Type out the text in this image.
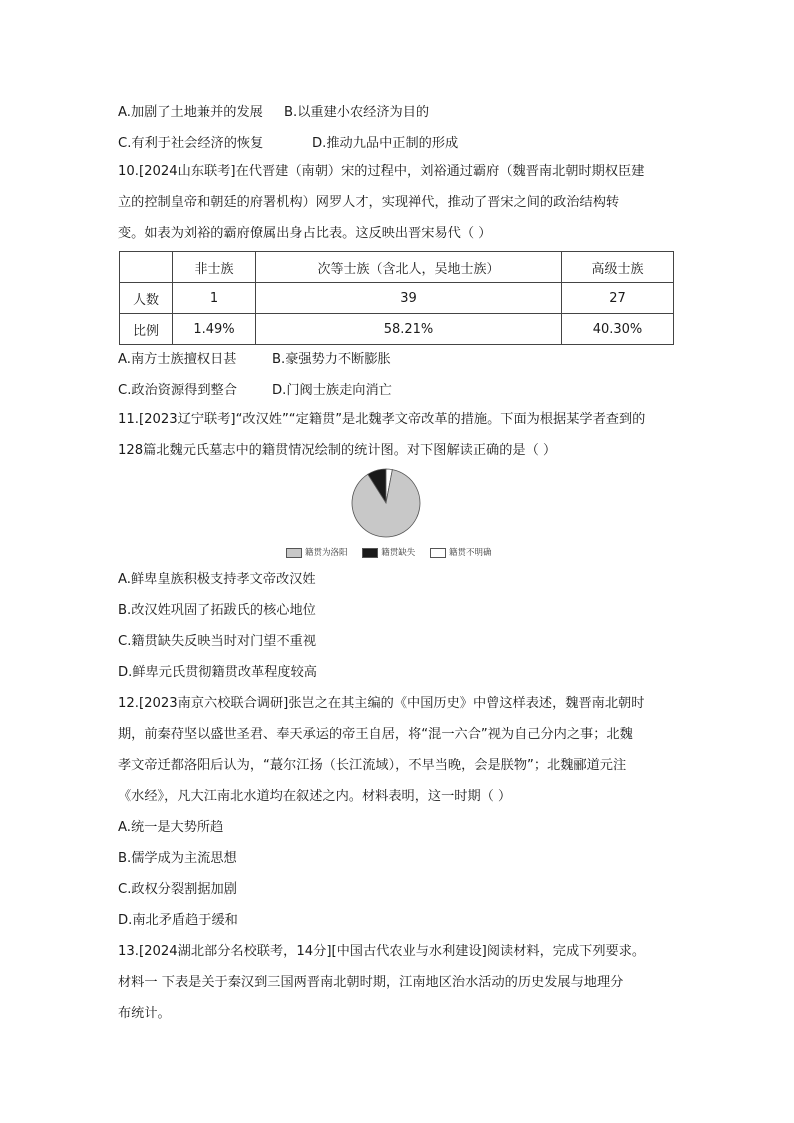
A.加剧了土地兼并的发展 B.以重建小农经济为目的
C.有利于社会经济的恢复	D.推动九品中正制的形成
10.[2024山东联考]在代晋建（南朝）宋的过程中，刘裕通过霸府（魏晋南北朝时期权臣建
立的控制皇帝和朝廷的府署机构）网罗人才，实现禅代，推动了晋宋之间的政治结构转
变。如表为刘裕的霸府僚属出身占比表。这反映出晋宋易代（ ）
	非士族	次等士族（含北人，吴地士族）	高级士族
人数	1	39	27
比例	1.49%	58.21%	40.30%
A.南方士族擅权日甚	B.豪强势力不断膨胀
C.政治资源得到整合	D.门阀士族走向消亡
11.[2023辽宁联考]“改汉姓”“定籍贯”是北魏孝文帝改革的措施。下面为根据某学者查到的
128篇北魏元氏墓志中的籍贯情况绘制的统计图。对下图解读正确的是（ ）
籍贯为洛阳	籍贯缺失	籍贯不明确
A.鲜卑皇族积极支持孝文帝改汉姓
B.改汉姓巩固了拓跋氏的核心地位
C.籍贯缺失反映当时对门望不重视
D.鲜卑元氏贯彻籍贯改革程度较高
12.[2023南京六校联合调研]张岂之在其主编的《中国历史》中曾这样表述，魏晋南北朝时
期，前秦苻坚以盛世圣君、奉天承运的帝王自居，将“混一六合”视为自己分内之事；北魏
孝文帝迁都洛阳后认为，“蕞尔江扬（长江流域），不早当晚，会是朕物”；北魏郦道元注
《水经》，凡大江南北水道均在叙述之内。材料表明，这一时期（ ）
A.统一是大势所趋
B.儒学成为主流思想
C.政权分裂割据加剧
D.南北矛盾趋于缓和
13.[2024湖北部分名校联考，14分][中国古代农业与水利建设]阅读材料，完成下列要求。
材料一 下表是关于秦汉到三国两晋南北朝时期，江南地区治水活动的历史发展与地理分
布统计。
